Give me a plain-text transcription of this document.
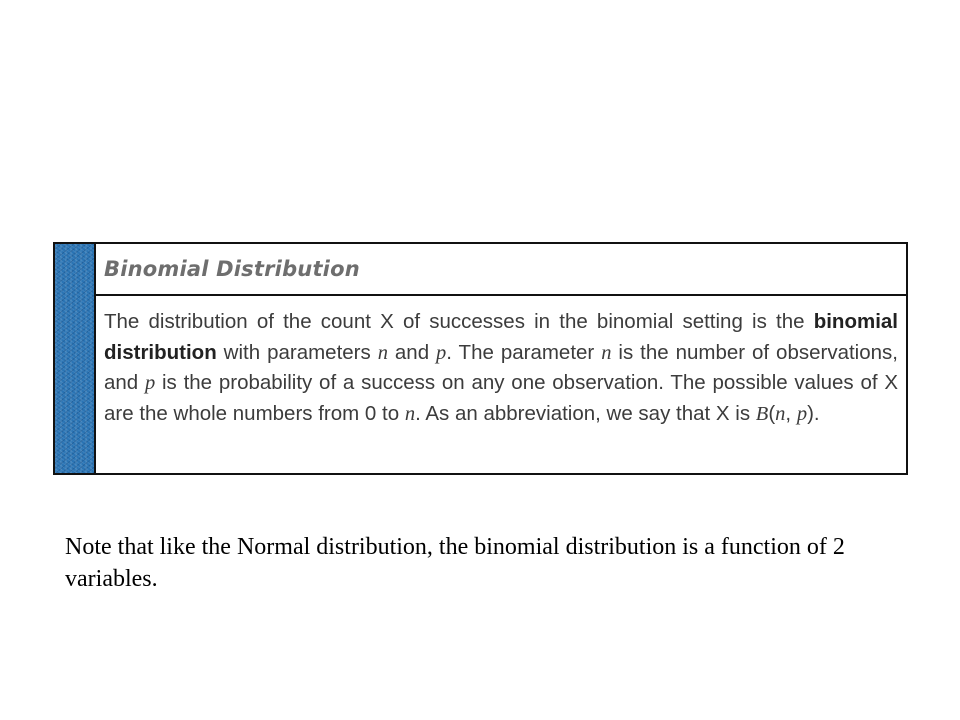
Binomial Distribution
The distribution of the count X of successes in the binomial setting is the binomial distribution with parameters n and p. The parameter n is the number of observations, and p is the probability of a success on any one observation. The possible values of X are the whole numbers from 0 to n. As an abbreviation, we say that X is B(n, p).
Note that like the Normal distribution, the binomial distribution is a function of 2 variables.
